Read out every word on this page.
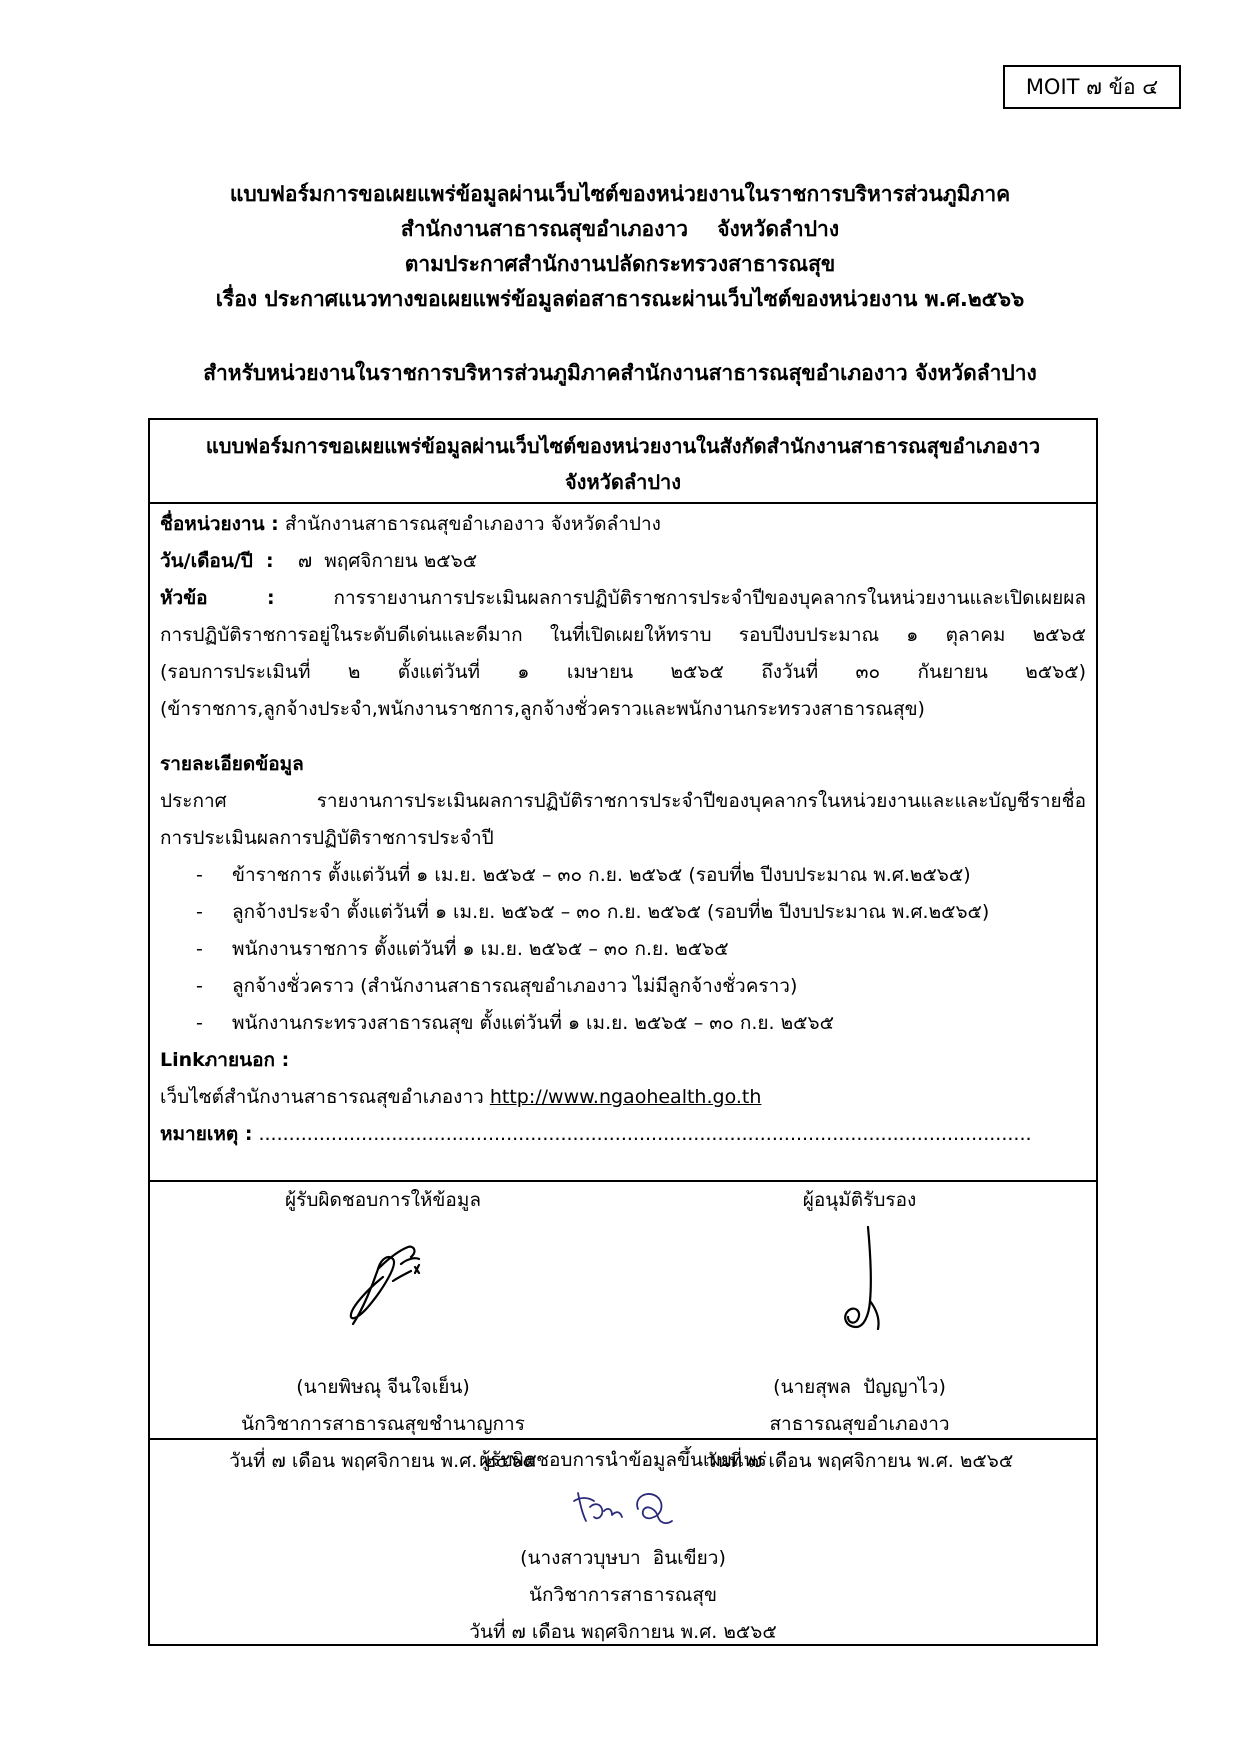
MOIT ๗ ข้อ ๔
แบบฟอร์มการขอเผยแพร่ข้อมูลผ่านเว็บไซต์ของหน่วยงานในราชการบริหารส่วนภูมิภาค
สำนักงานสาธารณสุขอำเภองาว    จังหวัดลำปาง
ตามประกาศสำนักงานปลัดกระทรวงสาธารณสุข
เรื่อง ประกาศแนวทางขอเผยแพร่ข้อมูลต่อสาธารณะผ่านเว็บไซต์ของหน่วยงาน พ.ศ.๒๕๖๖
สำหรับหน่วยงานในราชการบริหารส่วนภูมิภาคสำนักงานสาธารณสุขอำเภองาว จังหวัดลำปาง
แบบฟอร์มการขอเผยแพร่ข้อมูลผ่านเว็บไซต์ของหน่วยงานในสังกัดสำนักงานสาธารณสุขอำเภองาว
จังหวัดลำปาง

ชื่อหน่วยงาน : สำนักงานสาธารณสุขอำเภองาว จังหวัดลำปาง

วัน/เดือน/ปี  :    ๗  พฤศจิกายน ๒๕๖๕

หัวข้อ : การรายงานการประเมินผลการปฏิบัติราชการประจำปีของบุคลากรในหน่วยงานและเปิดเผยผล

การปฏิบัติราชการอยู่ในระดับดีเด่นและดีมาก ในที่เปิดเผยให้ทราบ รอบปีงบประมาณ ๑ ตุลาคม ๒๕๖๕

(รอบการประเมินที่ ๒ ตั้งแต่วันที่ ๑ เมษายน ๒๕๖๕ ถึงวันที่ ๓๐ กันยายน ๒๕๖๕)

(ข้าราชการ,ลูกจ้างประจำ,พนักงานราชการ,ลูกจ้างชั่วคราวและพนักงานกระทรวงสาธารณสุข)

รายละเอียดข้อมูล

ประกาศ รายงานการประเมินผลการปฏิบัติราชการประจำปีของบุคลากรในหน่วยงานและและบัญชีรายชื่อ

การประเมินผลการปฏิบัติราชการประจำปี

- ข้าราชการ ตั้งแต่วันที่ ๑ เม.ย. ๒๕๖๕ – ๓๐ ก.ย. ๒๕๖๕ (รอบที่๒ ปีงบประมาณ พ.ศ.๒๕๖๕)
- ลูกจ้างประจำ ตั้งแต่วันที่ ๑ เม.ย. ๒๕๖๕ – ๓๐ ก.ย. ๒๕๖๕ (รอบที่๒ ปีงบประมาณ พ.ศ.๒๕๖๕)
- พนักงานราชการ ตั้งแต่วันที่ ๑ เม.ย. ๒๕๖๕ – ๓๐ ก.ย. ๒๕๖๕
- ลูกจ้างชั่วคราว (สำนักงานสาธารณสุขอำเภองาว ไม่มีลูกจ้างชั่วคราว)
- พนักงานกระทรวงสาธารณสุข ตั้งแต่วันที่ ๑ เม.ย. ๒๕๖๕ – ๓๐ ก.ย. ๒๕๖๕

Linkภายนอก :

เว็บไซต์สำนักงานสาธารณสุขอำเภองาว http://www.ngaohealth.go.th

หมายเหตุ : ................................................................................................................................

ผู้รับผิดชอบการให้ข้อมูล
(นายพิษณุ จีนใจเย็น)
นักวิชาการสาธารณสุขชำนาญการ
วันที่ ๗ เดือน พฤศจิกายน พ.ศ. ๒๕๖๕
ผู้อนุมัติรับรอง
(นายสุพล  ปัญญาไว)
สาธารณสุขอำเภองาว
วันที่ ๗ เดือน พฤศจิกายน พ.ศ. ๒๕๖๕
ผู้รับผิดชอบการนำข้อมูลขึ้นเผยแพร่
(นางสาวบุษบา  อินเขียว)
นักวิชาการสาธารณสุข
วันที่ ๗ เดือน พฤศจิกายน พ.ศ. ๒๕๖๕
